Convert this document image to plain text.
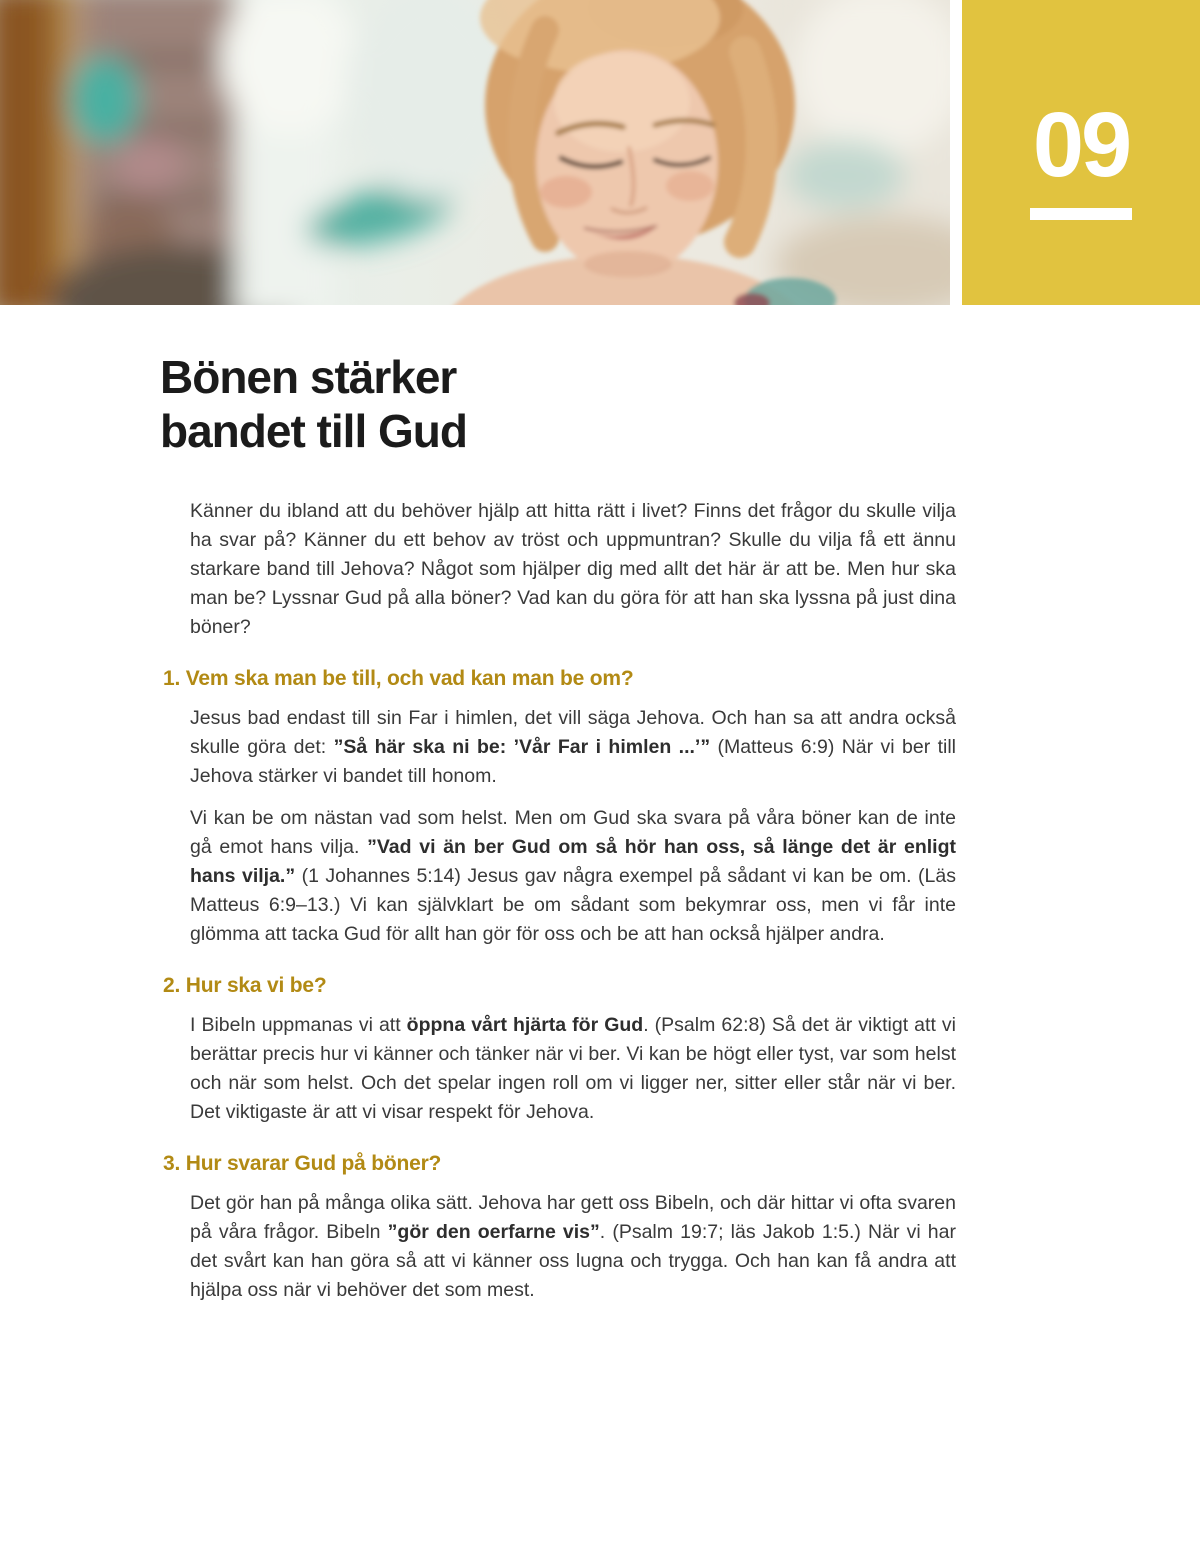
09
Bönen stärker
bandet till Gud

Känner du ibland att du behöver hjälp att hitta rätt i livet? Finns det frågor du skulle vilja ha svar på? Känner du ett behov av tröst och uppmuntran? Skulle du vilja få ett ännu starkare band till Jehova? Något som hjälper dig med allt det här är att be. Men hur ska man be? Lyssnar Gud på alla böner? Vad kan du göra för att han ska lyssna på just dina böner?

1. Vem ska man be till, och vad kan man be om?

Jesus bad endast till sin Far i himlen, det vill säga Jehova. Och han sa att andra också skulle göra det: ”Så här ska ni be: ’Vår Far i himlen ...’” (Matteus 6:9) När vi ber till Jehova stärker vi bandet till honom.

Vi kan be om nästan vad som helst. Men om Gud ska svara på våra böner kan de inte gå emot hans vilja. ”Vad vi än ber Gud om så hör han oss, så länge det är enligt hans vilja.” (1 Johannes 5:14) Jesus gav några exempel på sådant vi kan be om. (Läs Matteus 6:9–13.) Vi kan självklart be om sådant som bekymrar oss, men vi får inte glömma att tacka Gud för allt han gör för oss och be att han också hjälper andra.

2. Hur ska vi be?

I Bibeln uppmanas vi att öppna vårt hjärta för Gud. (Psalm 62:8) Så det är viktigt att vi berättar precis hur vi känner och tänker när vi ber. Vi kan be högt eller tyst, var som helst och när som helst. Och det spelar ingen roll om vi ligger ner, sitter eller står när vi ber. Det viktigaste är att vi visar respekt för Jehova.

3. Hur svarar Gud på böner?

Det gör han på många olika sätt. Jehova har gett oss Bibeln, och där hittar vi ofta svaren på våra frågor. Bibeln ”gör den oerfarne vis”. (Psalm 19:7; läs Jakob 1:5.) När vi har det svårt kan han göra så att vi känner oss lugna och trygga. Och han kan få andra att hjälpa oss när vi behöver det som mest.
